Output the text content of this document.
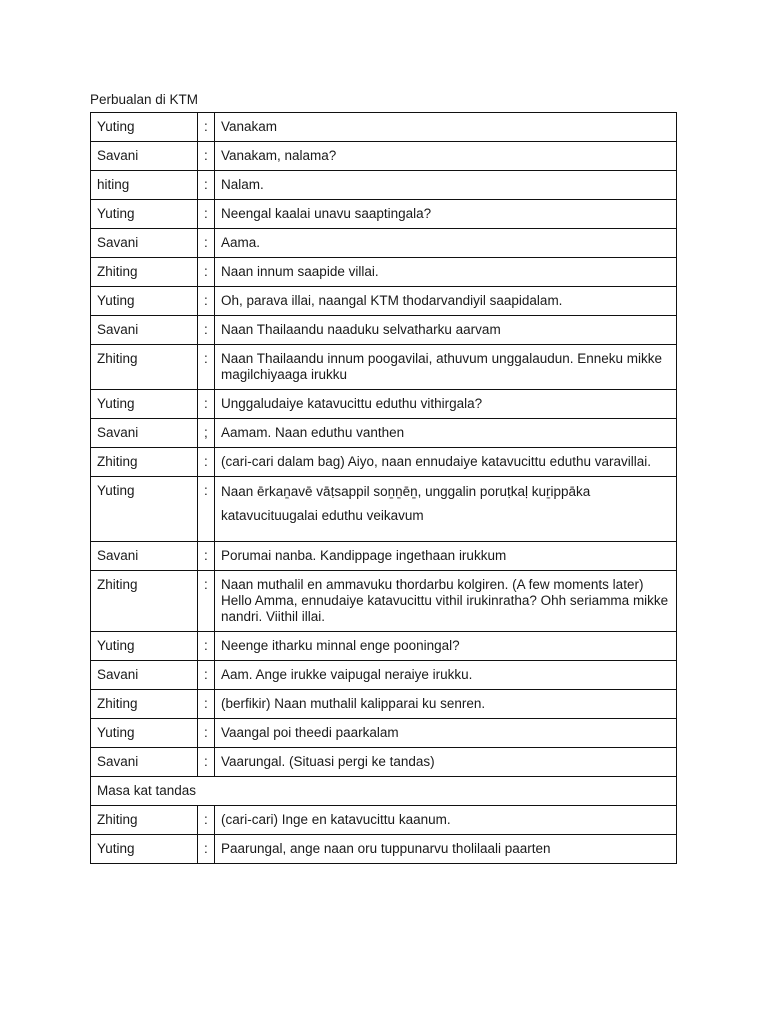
Perbualan di KTM
Yuting	:	Vanakam
Savani	:	Vanakam, nalama?
hiting	:	Nalam.
Yuting	:	Neengal kaalai unavu saaptingala?
Savani	:	Aama.
Zhiting	:	Naan innum saapide villai.
Yuting	:	Oh, parava illai, naangal KTM thodarvandiyil saapidalam.
Savani	:	Naan Thailaandu naaduku selvatharku aarvam
Zhiting	:	Naan Thailaandu innum poogavilai, athuvum unggalaudun. Enneku mikke magilchiyaaga irukku
Yuting	:	Unggaludaiye katavucittu eduthu vithirgala?
Savani	;	Aamam. Naan eduthu vanthen
Zhiting	:	(cari-cari dalam bag) Aiyo, naan ennudaiye katavucittu eduthu varavillai.
Yuting	:	Naan ērkaṉavē vāṭsappil soṉṉēṉ, unggalin poruṭkaḷ kuṟippāka katavucituugalai eduthu veikavum
Savani	:	Porumai nanba. Kandippage ingethaan irukkum
Zhiting	:	Naan muthalil en ammavuku thordarbu kolgiren. (A few moments later) Hello Amma, ennudaiye katavucittu vithil irukinratha? Ohh seriamma mikke nandri. Viithil illai.
Yuting	:	Neenge itharku minnal enge pooningal?
Savani	:	Aam. Ange irukke vaipugal neraiye irukku.
Zhiting	:	(berfikir) Naan muthalil kalipparai ku senren.
Yuting	:	Vaangal poi theedi paarkalam
Savani	:	Vaarungal. (Situasi pergi ke tandas)
Masa kat tandas		
Zhiting	:	(cari-cari) Inge en katavucittu kaanum.
Yuting	:	Paarungal, ange naan oru tuppunarvu tholilaali paarten
